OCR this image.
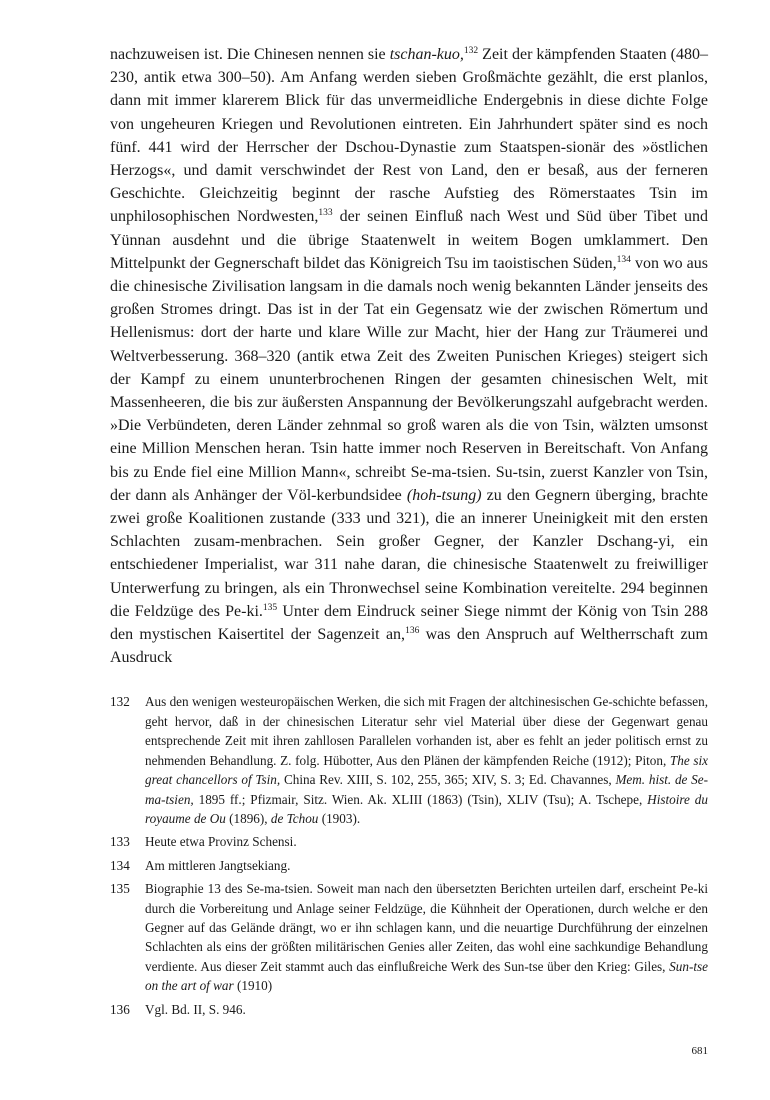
nachzuweisen ist. Die Chinesen nennen sie tschan-kuo,$^{132}$ Zeit der kämpfenden Staaten (480–230, antik etwa 300–50). Am Anfang werden sieben Großmächte gezählt, die erst planlos, dann mit immer klarerem Blick für das unvermeidliche Endergebnis in diese dichte Folge von ungeheuren Kriegen und Revolutionen eintreten. Ein Jahrhundert später sind es noch fünf. 441 wird der Herrscher der Dschou-Dynastie zum Staatspen-sionär des »östlichen Herzogs«, und damit verschwindet der Rest von Land, den er besaß, aus der ferneren Geschichte. Gleichzeitig beginnt der rasche Aufstieg des Römerstaates Tsin im unphilosophischen Nordwesten,$^{133}$ der seinen Einfluß nach West und Süd über Tibet und Yünnan ausdehnt und die übrige Staatenwelt in weitem Bogen umklammert. Den Mittelpunkt der Gegnerschaft bildet das Königreich Tsu im taoistischen Süden,$^{134}$ von wo aus die chinesische Zivilisation langsam in die damals noch wenig bekannten Länder jenseits des großen Stromes dringt. Das ist in der Tat ein Gegensatz wie der zwischen Römertum und Hellenismus: dort der harte und klare Wille zur Macht, hier der Hang zur Träumerei und Weltverbesserung. 368–320 (antik etwa Zeit des Zweiten Punischen Krieges) steigert sich der Kampf zu einem ununterbrochenen Ringen der gesamten chinesischen Welt, mit Massenheeren, die bis zur äußersten Anspannung der Bevölkerungszahl aufgebracht werden. »Die Verbündeten, deren Länder zehnmal so groß waren als die von Tsin, wälzten umsonst eine Million Menschen heran. Tsin hatte immer noch Reserven in Bereitschaft. Von Anfang bis zu Ende fiel eine Million Mann«, schreibt Se-ma-tsien. Su-tsin, zuerst Kanzler von Tsin, der dann als Anhänger der Völ-kerbundsidee (hoh-tsung) zu den Gegnern überging, brachte zwei große Koalitionen zustande (333 und 321), die an innerer Uneinigkeit mit den ersten Schlachten zusam-menbrachen. Sein großer Gegner, der Kanzler Dschang-yi, ein entschiedener Imperialist, war 311 nahe daran, die chinesische Staatenwelt zu freiwilliger Unterwerfung zu bringen, als ein Thronwechsel seine Kombination vereitelte. 294 beginnen die Feldzüge des Pe-ki.$^{135}$ Unter dem Eindruck seiner Siege nimmt der König von Tsin 288 den mystischen Kaisertitel der Sagenzeit an,$^{136}$ was den Anspruch auf Weltherrschaft zum Ausdruck

132	Aus den wenigen westeuropäischen Werken, die sich mit Fragen der altchinesischen Ge-schichte befassen, geht hervor, daß in der chinesischen Literatur sehr viel Material über diese der Gegenwart genau entsprechende Zeit mit ihren zahllosen Parallelen vorhanden ist, aber es fehlt an jeder politisch ernst zu nehmenden Behandlung. Z. folg. Hübotter, Aus den Plänen der kämpfenden Reiche (1912); Piton, The six great chancellors of Tsin, China Rev. XIII, S. 102, 255, 365; XIV, S. 3; Ed. Chavannes, Mem. hist. de Se-ma-tsien, 1895 ff.; Pfizmair, Sitz. Wien. Ak. XLIII (1863) (Tsin), XLIV (Tsu); A. Tschepe, Histoire du royaume de Ou (1896), de Tchou (1903).
133	Heute etwa Provinz Schensi.
134	Am mittleren Jangtsekiang.
135	Biographie 13 des Se-ma-tsien. Soweit man nach den übersetzten Berichten urteilen darf, erscheint Pe-ki durch die Vorbereitung und Anlage seiner Feldzüge, die Kühnheit der Operationen, durch welche er den Gegner auf das Gelände drängt, wo er ihn schlagen kann, und die neuartige Durchführung der einzelnen Schlachten als eins der größten militärischen Genies aller Zeiten, das wohl eine sachkundige Behandlung verdiente. Aus dieser Zeit stammt auch das einflußreiche Werk des Sun-tse über den Krieg: Giles, Sun-tse on the art of war (1910)
136	Vgl. Bd. II, S. 946.
681
